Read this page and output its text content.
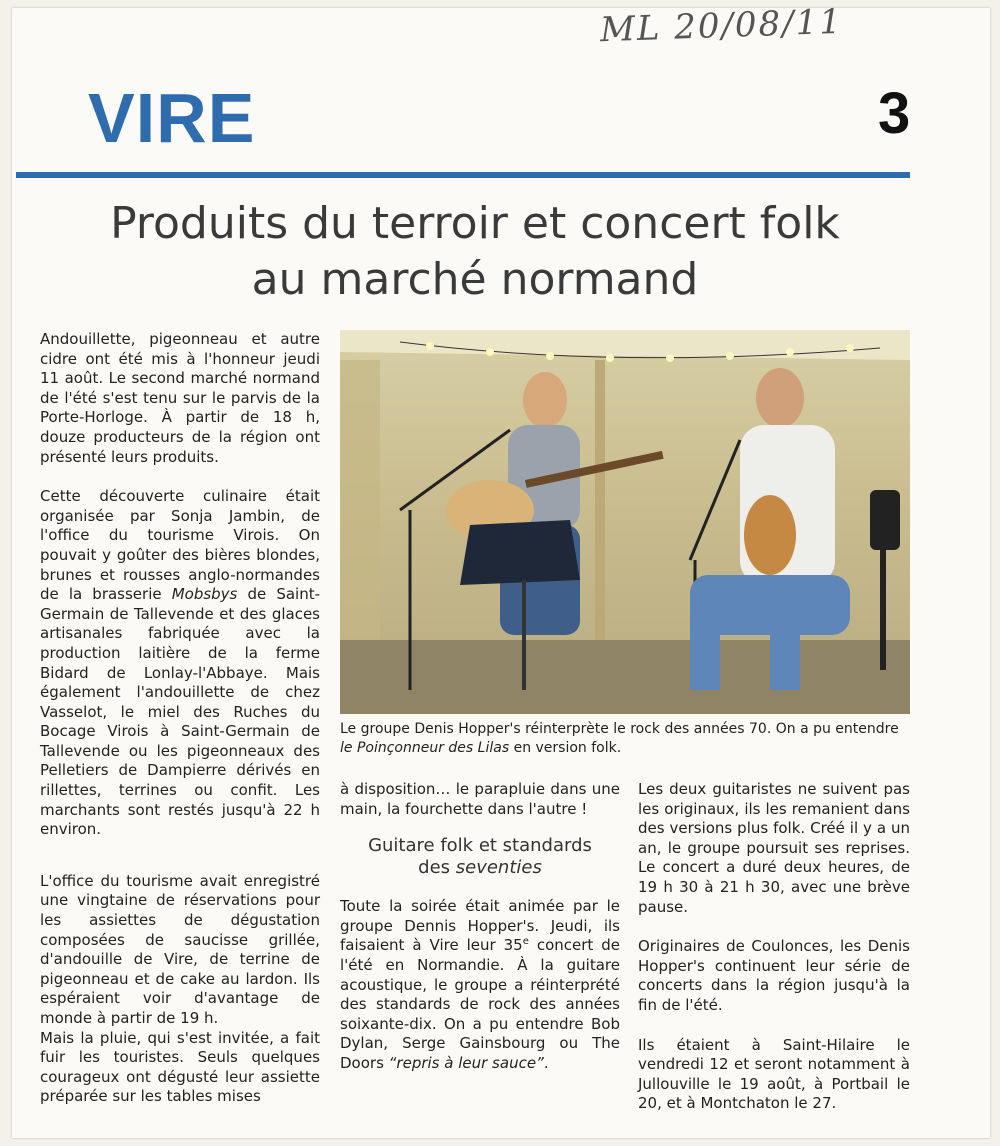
ML 20/08/11
VIRE	3
Produits du terroir et concert folk
au marché normand

Andouillette, pigeonneau et autre cidre ont été mis à l'honneur jeudi 11 août. Le second marché normand de l'été s'est tenu sur le parvis de la Porte-Horloge. À partir de 18 h, douze producteurs de la région ont présenté leurs produits.

Cette découverte culinaire était organisée par Sonja Jambin, de l'office du tourisme Virois. On pouvait y goûter des bières blondes, brunes et rousses anglo-normandes de la brasserie Mobsbys de Saint-Germain de Tallevende et des glaces artisanales fabriquée avec la production laitière de la ferme Bidard de Lonlay-l'Abbaye. Mais également l'andouillette de chez Vasselot, le miel des Ruches du Bocage Virois à Saint-Germain de Tallevende ou les pigeonneaux des Pelletiers de Dampierre dérivés en rillettes, terrines ou confit. Les marchants sont restés jusqu'à 22 h environ.

L'office du tourisme avait enregistré une vingtaine de réservations pour les assiettes de dégustation composées de saucisse grillée, d'andouille de Vire, de terrine de pigeonneau et de cake au lardon. Ils espéraient voir d'avantage de monde à partir de 19 h.

Mais la pluie, qui s'est invitée, a fait fuir les touristes. Seuls quelques courageux ont dégusté leur assiette préparée sur les tables mises

Le groupe Denis Hopper's réinterprète le rock des années 70. On a pu entendre le Poinçonneur des Lilas en version folk.

à disposition… le parapluie dans une main, la fourchette dans l'autre !

Guitare folk et standards
des seventies

Toute la soirée était animée par le groupe Dennis Hopper's. Jeudi, ils faisaient à Vire leur 35e concert de l'été en Normandie. À la guitare acoustique, le groupe a réinterprété des standards de rock des années soixante-dix. On a pu entendre Bob Dylan, Serge Gainsbourg ou The Doors “repris à leur sauce”.

Les deux guitaristes ne suivent pas les originaux, ils les remanient dans des versions plus folk. Créé il y a un an, le groupe poursuit ses reprises. Le concert a duré deux heures, de 19 h 30 à 21 h 30, avec une brève pause.

Originaires de Coulonces, les Denis Hopper's continuent leur série de concerts dans la région jusqu'à la fin de l'été.

Ils étaient à Saint-Hilaire le vendredi 12 et seront notamment à Jullouville le 19 août, à Portbail le 20, et à Montchaton le 27.
